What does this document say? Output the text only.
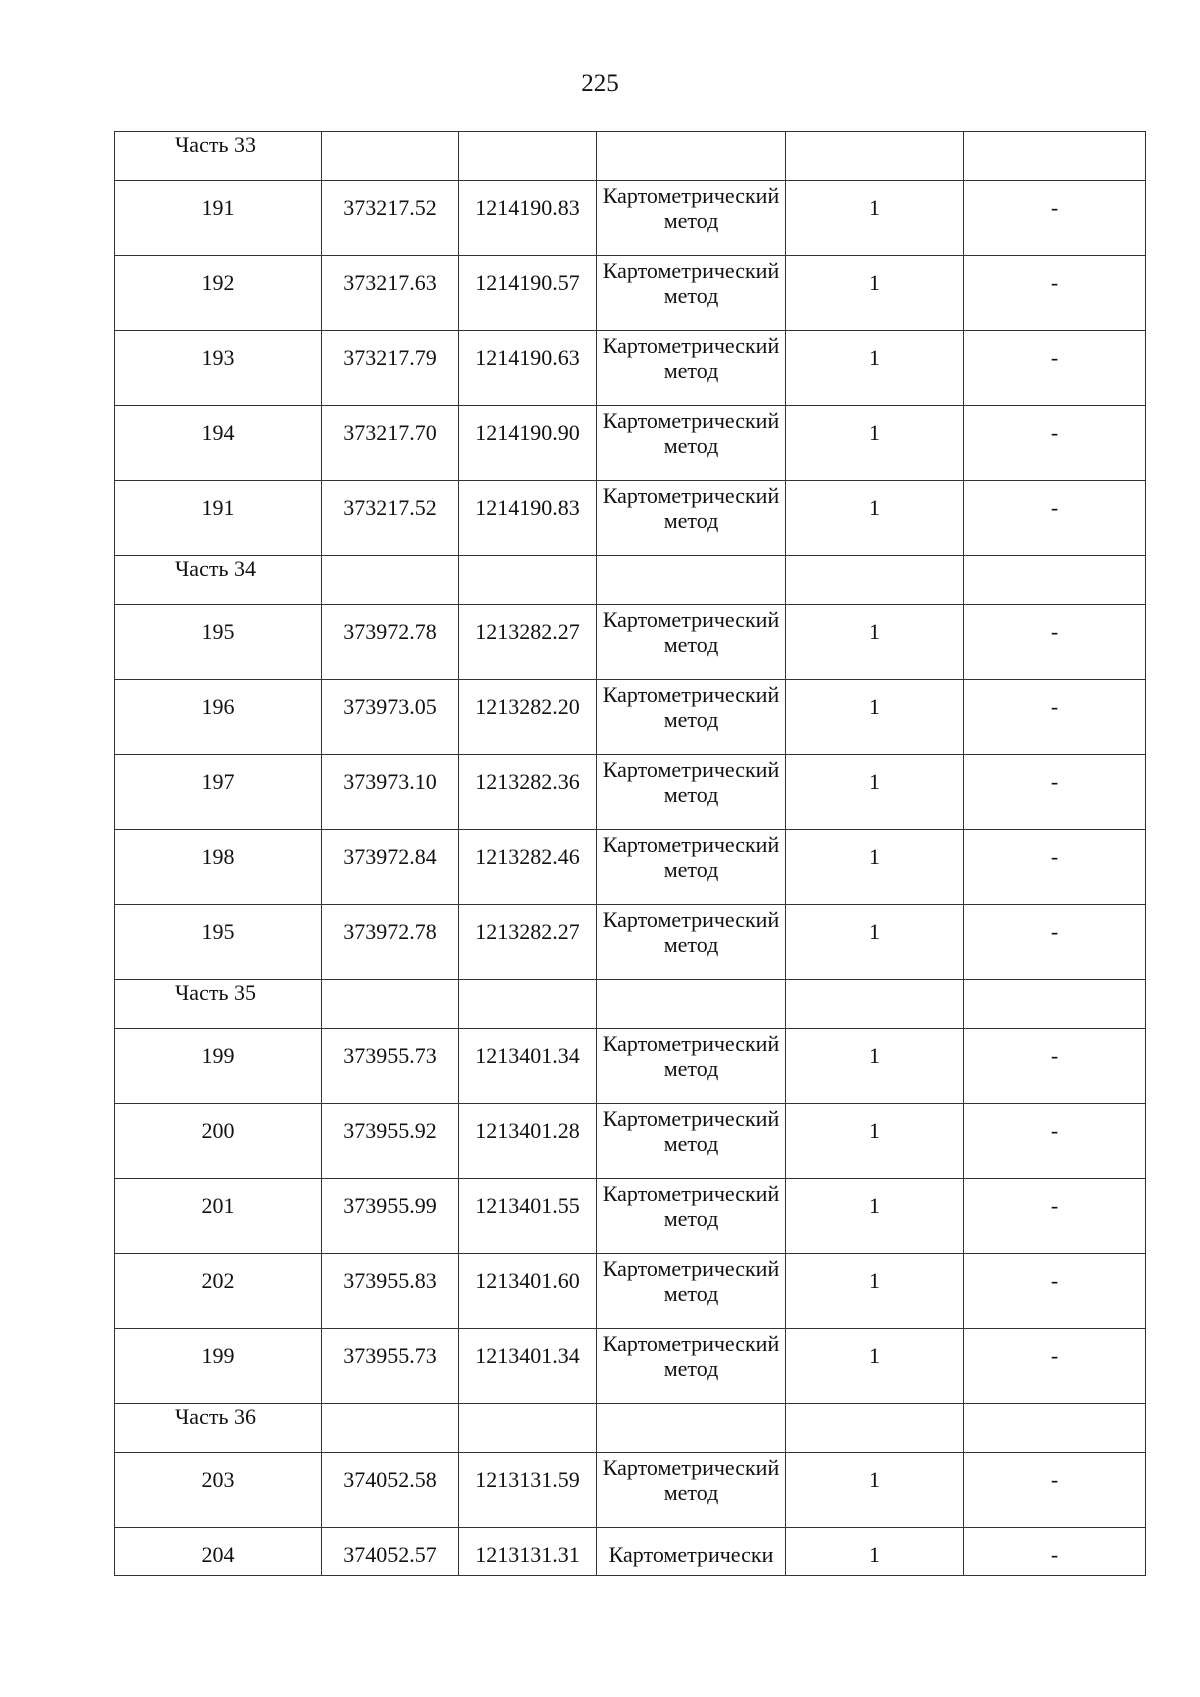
225
Часть 33					
191	373217.52	1214190.83	Картометрический метод	1	-
192	373217.63	1214190.57	Картометрический метод	1	-
193	373217.79	1214190.63	Картометрический метод	1	-
194	373217.70	1214190.90	Картометрический метод	1	-
191	373217.52	1214190.83	Картометрический метод	1	-
Часть 34					
195	373972.78	1213282.27	Картометрический метод	1	-
196	373973.05	1213282.20	Картометрический метод	1	-
197	373973.10	1213282.36	Картометрический метод	1	-
198	373972.84	1213282.46	Картометрический метод	1	-
195	373972.78	1213282.27	Картометрический метод	1	-
Часть 35					
199	373955.73	1213401.34	Картометрический метод	1	-
200	373955.92	1213401.28	Картометрический метод	1	-
201	373955.99	1213401.55	Картометрический метод	1	-
202	373955.83	1213401.60	Картометрический метод	1	-
199	373955.73	1213401.34	Картометрический метод	1	-
Часть 36					
203	374052.58	1213131.59	Картометрический метод	1	-
204	374052.57	1213131.31	Картометрически	1	-
